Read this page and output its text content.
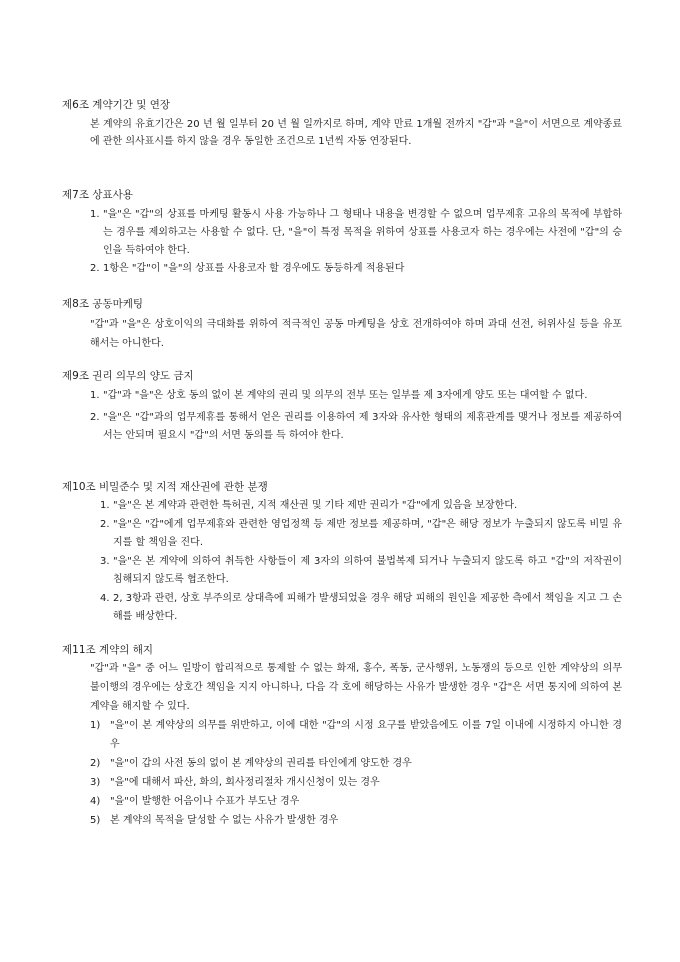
제6조 계약기간 및 연장
본 계약의 유효기간은 20 년 월 일부터 20 년 월 일까지로 하며, 계약 만료 1개월 전까지 "갑"과 "을"이 서면으로 계약종료에 관한 의사표시를 하지 않을 경우 동일한 조건으로 1년씩 자동 연장된다.
제7조 상표사용
1. "을"은 "갑"의 상표를 마케팅 활동시 사용 가능하나 그 형태나 내용을 변경할 수 없으며 업무제휴 고유의 목적에 부합하는 경우를 제외하고는 사용할 수 없다. 단, "을"이 특정 목적을 위하여 상표를 사용코자 하는 경우에는 사전에 "갑"의 승인을 득하여야 한다.
2. 1항은 "갑"이 "을"의 상표를 사용코자 할 경우에도 동등하게 적용된다
제8조 공동마케팅
"갑"과 "을"은 상호이익의 극대화를 위하여 적극적인 공동 마케팅을 상호 전개하여야 하며 과대 선전, 허위사실 등을 유포해서는 아니한다.
제9조 권리 의무의 양도 금지
1. "갑"과 "을"은 상호 동의 없이 본 계약의 권리 및 의무의 전부 또는 일부를 제 3자에게 양도 또는 대여할 수 없다.
2. "을"은 "갑"과의 업무제휴를 통해서 얻은 권리를 이용하여 제 3자와 유사한 형태의 제휴관계를 맺거나 정보를 제공하여서는 안되며 필요시 "갑"의 서면 동의를 득 하여야 한다.
제10조 비밀준수 및 지적 재산권에 관한 분쟁
1. "을"은 본 계약과 관련한 특허권, 지적 재산권 및 기타 제반 권리가 "갑"에게 있음을 보장한다.
2. "을"은 "갑"에게 업무제휴와 관련한 영업정책 등 제반 정보를 제공하며, "갑"은 해당 정보가 누출되지 않도록 비밀 유지를 할 책임을 진다.
3. "을"은 본 계약에 의하여 취득한 사항들이 제 3자의 의하여 불법복제 되거나 누출되지 않도록 하고 "갑"의 저작권이 침해되지 않도록 협조한다.
4. 2, 3항과 관련, 상호 부주의로 상대측에 피해가 발생되었을 경우 해당 피해의 원인을 제공한 측에서 책임을 지고 그 손해를 배상한다.
제11조 계약의 해지
"갑"과 "을" 중 어느 일방이 합리적으로 통제할 수 없는 화재, 홍수, 폭동, 군사행위, 노동쟁의 등으로 인한 계약상의 의무 불이행의 경우에는 상호간 책임을 지지 아니하나, 다음 각 호에 해당하는 사유가 발생한 경우 "갑"은 서면 통지에 의하여 본 계약을 해지할 수 있다.
1) "을"이 본 계약상의 의무를 위반하고, 이에 대한 "갑"의 시정 요구를 받았음에도 이를 7일 이내에 시정하지 아니한 경우
2) "을"이 갑의 사전 동의 없이 본 계약상의 권리를 타인에게 양도한 경우
3) "을"에 대해서 파산, 화의, 회사정리절차 개시신청이 있는 경우
4) "을"이 발행한 어음이나 수표가 부도난 경우
5) 본 계약의 목적을 달성할 수 없는 사유가 발생한 경우
